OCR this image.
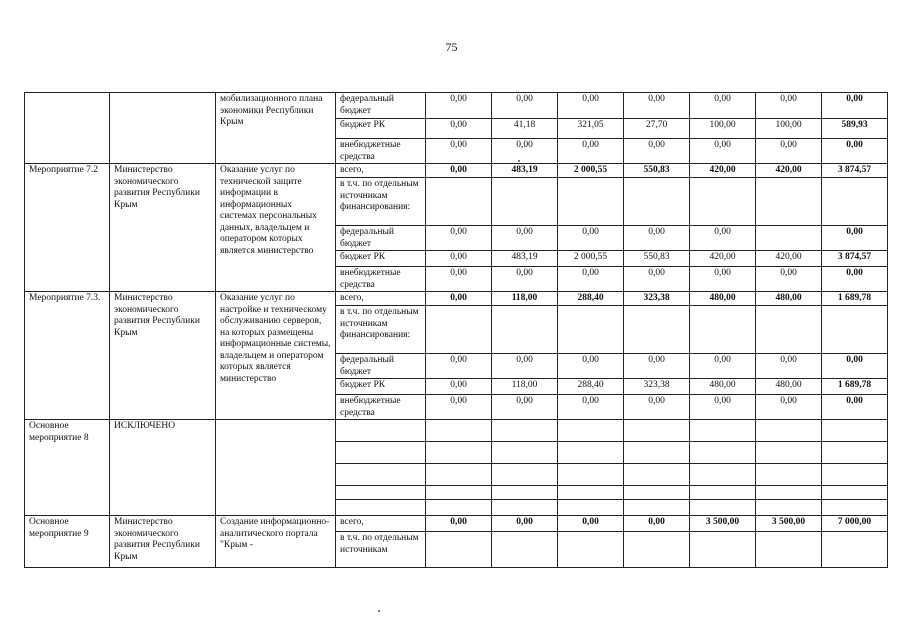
75
		мобилизационного плана экономики Республики Крым	федеральный бюджет	0,00	0,00	0,00	0,00	0,00	0,00	0,00
			бюджет РК	0,00	41,18	321,05	27,70	100,00	100,00	589,93
			внебюджетные средства	0,00	0,00	0,00	0,00	0,00	0,00	0,00
Мероприятие 7.2	Министерство экономического развития Республики Крым	Оказание услуг по технической защите информации в информационных системах персональных данных, владельцем и оператором которых является министерство	всего,	0,00	483,19	2 000,55	550,83	420,00	420,00	3 874,57
			в т.ч. по отдельным источникам финансирования:							
			федеральный бюджет	0,00	0,00	0,00	0,00	0,00		0,00
			бюджет РК	0,00	483,19	2 000,55	550,83	420,00	420,00	3 874,57
			внебюджетные средства	0,00	0,00	0,00	0,00	0,00	0,00	0,00
Мероприятие 7.3.	Министерство экономического развития Республики Крым	Оказание услуг по настройке и техническому обслуживанию серверов, на которых размещены информационные системы, владельцем и оператором которых является министерство	всего,	0,00	118,00	288,40	323,38	480,00	480,00	1 689,78
			в т.ч. по отдельным источникам финансирования:							
			федеральный бюджет	0,00	0,00	0,00	0,00	0,00	0,00	0,00
			бюджет РК	0,00	118,00	288,40	323,38	480,00	480,00	1 689,78
			внебюджетные средства	0,00	0,00	0,00	0,00	0,00	0,00	0,00
Основное мероприятие 8	ИСКЛЮЧЕНО									

Основное мероприятие 9	Министерство экономического развития Республики Крым	Создание информационно-аналитического портала "Крым -	всего,	0,00	0,00	0,00	0,00	3 500,00	3 500,00	7 000,00
			в т.ч. по отдельным источникам							
